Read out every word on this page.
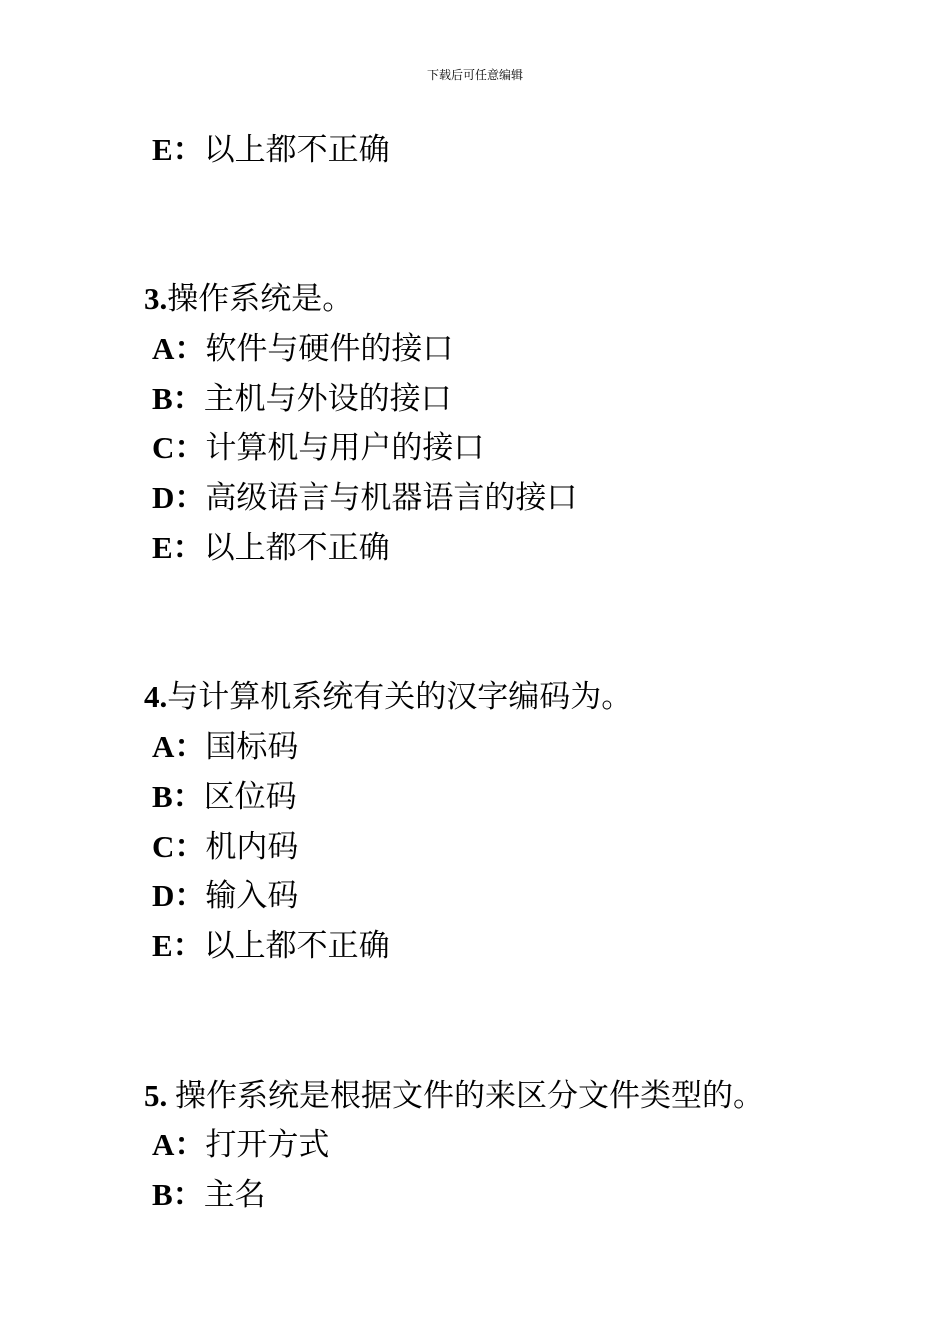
下载后可任意编辑
E：以上都不正确
3.操作系统是。
A：软件与硬件的接口
B：主机与外设的接口
C：计算机与用户的接口
D：高级语言与机器语言的接口
E：以上都不正确
4.与计算机系统有关的汉字编码为。
A：国标码
B：区位码
C：机内码
D：输入码
E：以上都不正确
5. 操作系统是根据文件的来区分文件类型的。
A：打开方式
B：主名
